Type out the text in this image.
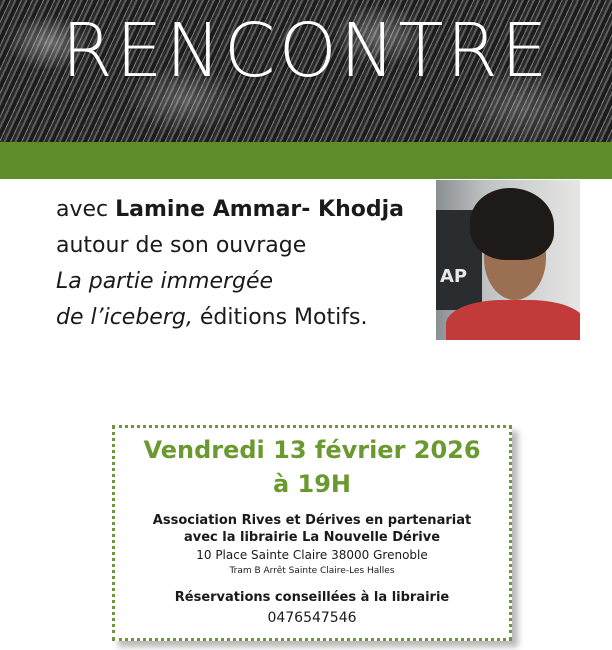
RENCONTRE
avec Lamine Ammar- Khodja
autour de son ouvrage
La partie immergée
de l’iceberg, éditions Motifs.
AP
Vendredi 13 février 2026
à 19H
Association Rives et Dérives en partenariat
avec la librairie La Nouvelle Dérive
10 Place Sainte Claire 38000 Grenoble
Tram B Arrêt Sainte Claire-Les Halles
Réservations conseillées à la librairie
0476547546
